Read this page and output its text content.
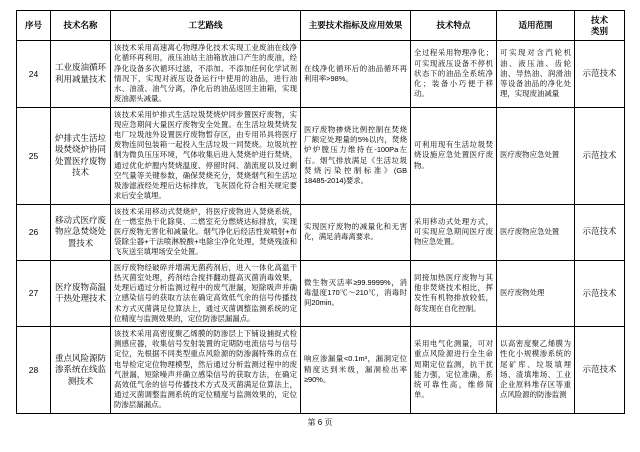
序号	技术名称	工艺路线	主要技术指标及应用效果	技术特点	适用范围	技术
类别

24	工业废油循环利用减量技术	该技术采用高速离心物理净化技术实现工业废油在线净化循环再利用，液压油站主油箱放油口产生的废油，经净化设备多次循环过滤，不添加、不添加任何化学试剂情况下，实现对液压设备运行中使用的油品，进行油水、油渣、油气分离，净化后的油品返回主油箱，实现废油源头减量。	在线净化循环后的油品循环再利用率>98%。	全过程采用物理净化；可实现液压设备不停机状态下的油品全系统净化；装备小巧便于移动。	可实现对含汽轮机油、液压油、齿轮油、导热油、润滑油等设备油品的净化处理，实现废油减量	示范技术
25	炉排式生活垃圾焚烧炉协同处置医疗废物技术	该技术采用炉排式生活垃圾焚烧炉同步置医疗废物，实现应急期间大量医疗废物安全处置。在生活垃圾焚烧发电厂垃圾池外设置医疗废物暂存区，由专用吊具将医疗废物连同包装箱一起投入生活垃圾一同焚烧。垃圾坑控制为微负压压环境，气体收集后进入焚烧炉进行焚烧，通过优化炉膛内焚烧温度、停留时间、湍流度以及过剩空气量等关键参数，确保焚烧充分，焚烧烟气和生活垃圾渗滤液经处理后达标排放，飞灰固化符合相关规定要求后安全填埋。	医疗废物掺烧比例控制在焚烧厂额定处理量的5%以内，焚烧炉炉膛压力维持在-100Pa左右。烟气排放满足《生活垃圾焚烧污染控制标准》(GB 18485-2014)要求。	可利用现有生活垃圾焚烧设施应急处置医疗废物。	医疗废物应急处置	示范技术
26	移动式医疗废物应急焚烧处置技术	该技术采用移动式焚烧炉，将医疗废物进入焚烧系统，在一燃室热干化除臭、二燃室充分燃烧达标排放，实现医疗废物无害化和减量化。烟气净化后经活性炭喷射+布袋除尘器+干法喷淋脱酸+电除尘净化处理，焚烧残渣和飞灰送至填埋场安全处置。	实现医疗废物的减量化和无害化，满足消毒离要求。	采用移动式处理方式，可实现应急期间医疗废物应急处置。	医疗废物应急处置	示范技术
27	医疗废物高温干热处理技术	医疗废物经破碎并增满无菌药剂后，进入一体化高温干热灭菌室处理，药剂结合搅拌翻动提高灭菌消毒效果，处理后通过分析监测过程中的废气泄漏，短除吸声并确立感染信号的获取方法在确定高效低气余的信号传播技术方式灭菌满足位算法上，通过灭菌调整监测系统的定位精度与监测效果的，定位防渗层漏漏点。	微生物灭活率≥99.9999%，消毒温度170℃～210℃，消毒时间20min。	同接加热医疗废物与其他非焚烧技术相比，挥发性有机物排放较低，每发现在自化控制。	医疗废物处理	示范技术
28	重点风险源防渗系统在线监测技术	该技术采用高密度聚乙烯膜的防渗层上下铺设捕捉式检测感应器，收集信号发射装置的定期防电流信号与信号定位，先根据不同类型重点风险源的防渗漏特殊的点在电导检定定位物理模型，然后通过分析监测过程中的废气泄漏，短除噪声并确立感染信号的获取方法，在确定高效低气余的信号传播技术方式及灭菌满足位算法上，通过灭菌调整监测系统的定位精度与监测效果的，定位防渗层漏漏点。	响应渗漏量<0.1m³，漏洞定位精度达到米级，漏洞检出率≥90%。	采用电气化测量，可对重点风险源进行全生命周期定位监测，抗干扰能力强，定位准确，系统可靠性高，维修简单。	以高密度聚乙烯膜为性化小规模渗系统的尾矿库、垃圾填埋场、渣填堆场、工业企业原料堆存区等重点风险源的防渗监测	示范技术
第 6 页
